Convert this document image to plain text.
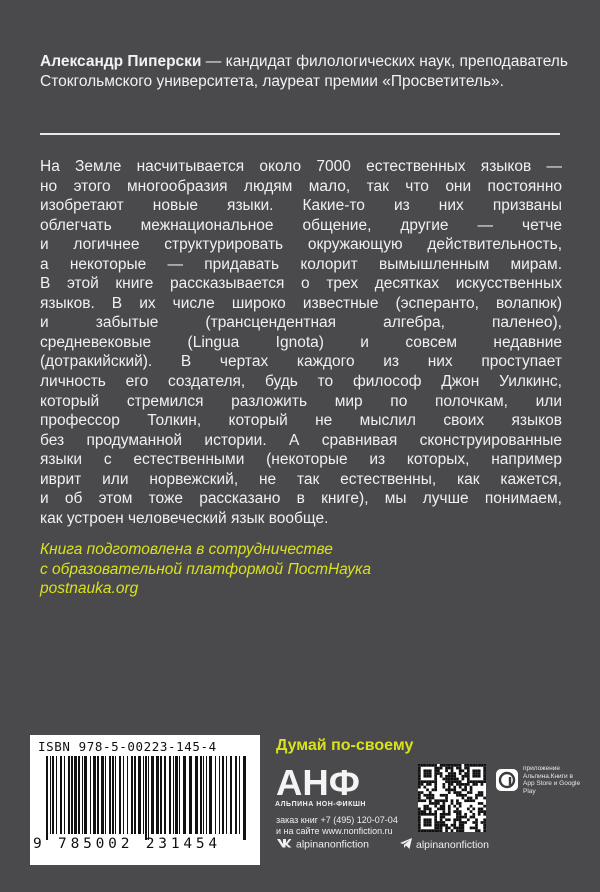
Александр Пиперски — кандидат филологических наук, преподаватель Стокгольмского университета, лауреат премии «Просветитель».
На Земле насчитывается около 7000 естественных языков —
но этого многообразия людям мало, так что они постоянно
изобретают новые языки. Какие-то из них призваны
облегчать межнациональное общение, другие — четче
и логичнее структурировать окружающую действительность,
а некоторые — придавать колорит вымышленным мирам.
В этой книге рассказывается о трех десятках искусственных
языков. В их числе широко известные (эсперанто, волапюк)
и забытые (трансцендентная алгебра, паленео),
средневековые (Lingua Ignota) и совсем недавние
(дотракийский). В чертах каждого из них проступает
личность его создателя, будь то философ Джон Уилкинс,
который стремился разложить мир по полочкам, или
профессор Толкин, который не мыслил своих языков
без продуманной истории. А сравнивая сконструированные
языки с естественными (некоторые из которых, например
иврит или норвежский, не так естественны, как кажется,
и об этом тоже рассказано в книге), мы лучше понимаем,
как устроен человеческий язык вообще.
Книга подготовлена в сотрудничестве
с образовательной платформой ПостНаука
postnauka.org
ISBN 978-5-00223-145-4
9 785002 231454
Думай по-своему
АНФ
АЛЬПИНА НОН-ФИКШН
заказ книг +7 (495) 120-07-04
и на сайте www.nonfiction.ru
приложение Альпина.Книги в App Store и Google Play
alpinanonfiction	alpinanonfiction
